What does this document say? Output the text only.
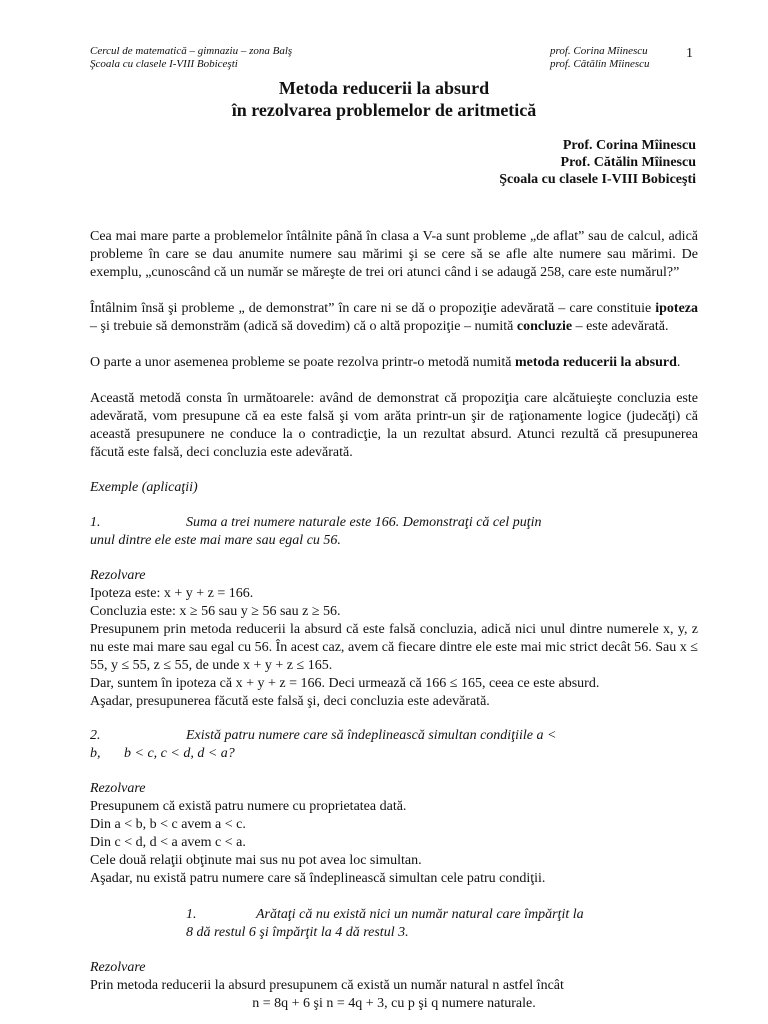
Cercul de matematică – gimnaziu – zona Balş
Şcoala cu clasele I-VIII Bobiceşti
prof. Corina Mîinescu
prof. Cătălin Mîinescu
1
Metoda reducerii la absurd
în rezolvarea problemelor de aritmetică
Prof. Corina Mîinescu
Prof. Cătălin Mîinescu
Şcoala cu clasele I-VIII Bobiceşti
Cea mai mare parte a problemelor întâlnite până în clasa a V-a sunt probleme „de aflat” sau de calcul, adică probleme în care se dau anumite numere sau mărimi şi se cere să se afle alte numere sau mărimi. De exemplu, „cunoscând că un număr se măreşte de trei ori atunci când i se adaugă 258, care este numărul?”
Întâlnim însă şi probleme „ de demonstrat” în care ni se dă o propoziţie adevărată – care constituie ipoteza – şi trebuie să demonstrăm (adică să dovedim) că o altă propoziţie – numită concluzie – este adevărată.
O parte a unor asemenea probleme se poate rezolva printr-o metodă numită metoda reducerii la absurd.
Această metodă consta în următoarele: având de demonstrat că propoziţia care alcătuieşte concluzia este adevărată, vom presupune că ea este falsă şi vom arăta printr-un şir de raţionamente logice (judecăţi) că această presupunere ne conduce la o contradicţie, la un rezultat absurd. Atunci rezultă că presupunerea făcută este falsă, deci concluzia este adevărată.
Exemple (aplicaţii)
1.	Suma a trei numere naturale este 166. Demonstraţi că cel puţin
unul dintre ele este mai mare sau egal cu 56.
Rezolvare
Ipoteza este: x + y + z = 166.
Concluzia este: x ≥ 56 sau y ≥ 56 sau z ≥ 56.
Presupunem prin metoda reducerii la absurd că este falsă concluzia, adică nici unul dintre numerele x, y, z nu este mai mare sau egal cu 56. În acest caz, avem că fiecare dintre ele este mai mic strict decât 56. Sau x ≤ 55, y ≤ 55, z ≤ 55, de unde x + y + z ≤ 165.
Dar, suntem în ipoteza că x + y + z = 166. Deci urmează că 166 ≤ 165, ceea ce este absurd.
Aşadar, presupunerea făcută este falsă şi, deci concluzia este adevărată.
2.	Există patru numere care să îndeplinească simultan condiţiile a <
b, b < c, c < d, d < a?
Rezolvare
Presupunem că există patru numere cu proprietatea dată.
Din a < b, b < c avem a < c.
Din c < d, d < a avem c < a.
Cele două relaţii obţinute mai sus nu pot avea loc simultan.
Aşadar, nu există patru numere care să îndeplinească simultan cele patru condiţii.
1.	Arătaţi că nu există nici un număr natural care împărţit la
8 dă restul 6 şi împărţit la 4 dă restul 3.
Rezolvare
Prin metoda reducerii la absurd presupunem că există un număr natural n astfel încât
n = 8q + 6 şi n = 4q + 3, cu p şi q numere naturale.
